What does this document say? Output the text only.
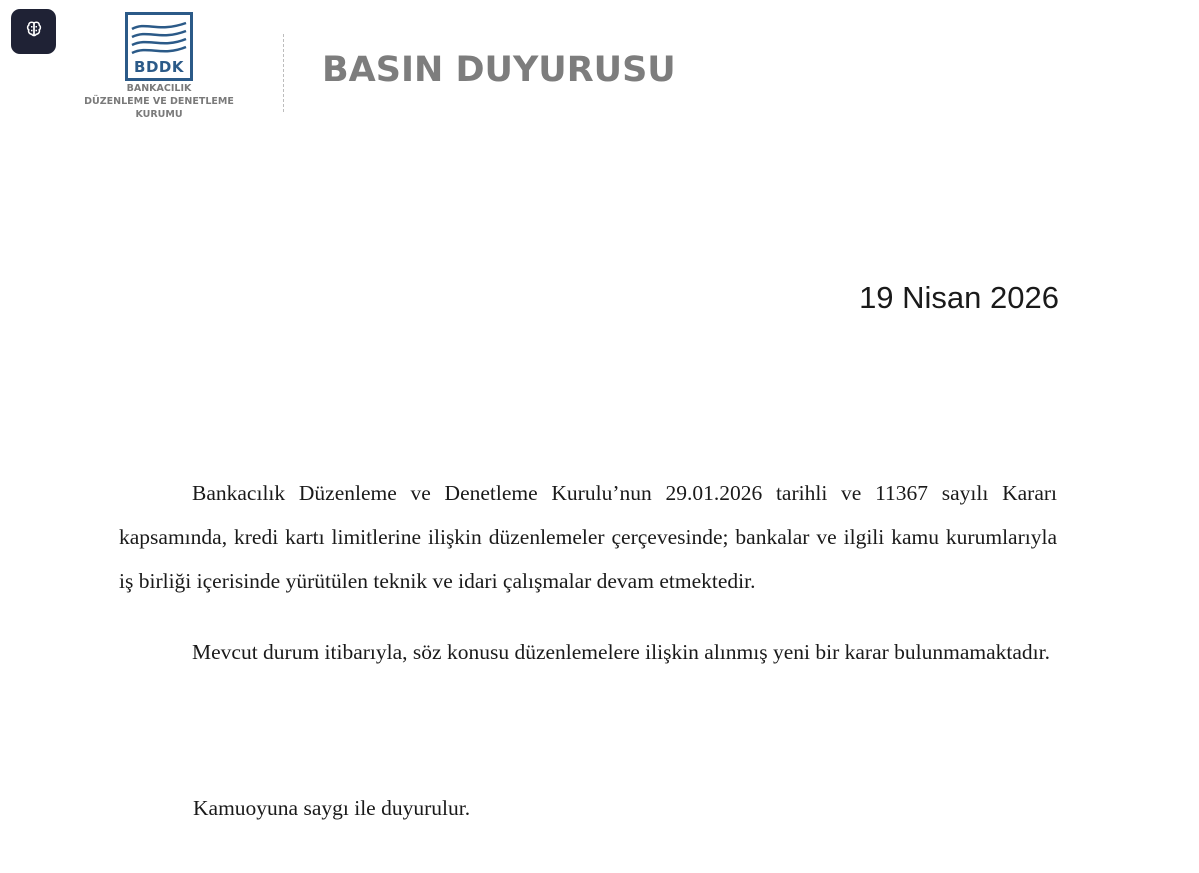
BDDK
BANKACILIK
DÜZENLEME VE DENETLEME
KURUMU
BASIN DUYURUSU
19 Nisan 2026

Bankacılık Düzenleme ve Denetleme Kurulu’nun 29.01.2026 tarihli ve 11367 sayılı Kararı kapsamında, kredi kartı limitlerine ilişkin düzenlemeler çerçevesinde; bankalar ve ilgili kamu kurumlarıyla iş birliği içerisinde yürütülen teknik ve idari çalışmalar devam etmektedir.

Mevcut durum itibarıyla, söz konusu düzenlemelere ilişkin alınmış yeni bir karar bulunmamaktadır.

Kamuoyuna saygı ile duyurulur.
